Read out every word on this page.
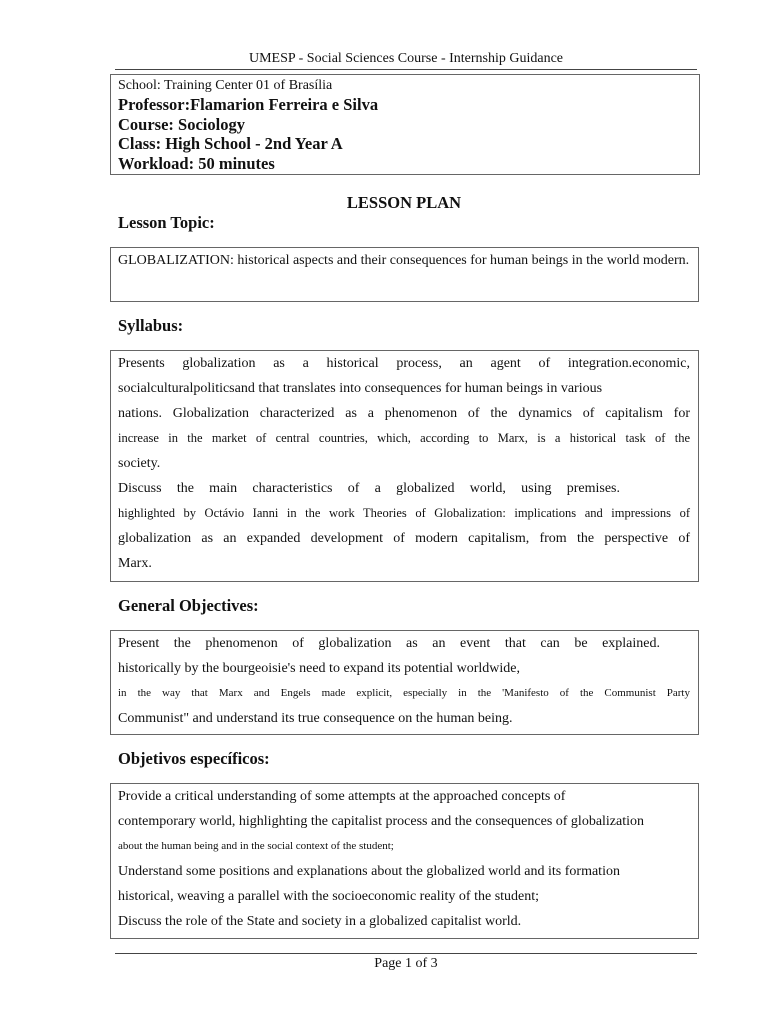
UMESP - Social Sciences Course - Internship Guidance
School: Training Center 01 of Brasília
Professor:Flamarion Ferreira e Silva
Course: Sociology
Class: High School - 2nd Year A
Workload: 50 minutes
LESSON PLAN
Lesson Topic:

GLOBALIZATION: historical aspects and their consequences for human beings in the world modern.

Syllabus:

Presents globalization as a historical process, an agent of integration.economic,

socialculturalpoliticsand that translates into consequences for human beings in various

nations. Globalization characterized as a phenomenon of the dynamics of capitalism for

increase in the market of central countries, which, according to Marx, is a historical task of the

society.

Discuss the main characteristics of a globalized world, using premises.

highlighted by Octávio Ianni in the work Theories of Globalization: implications and impressions of

globalization as an expanded development of modern capitalism, from the perspective of

Marx.

General Objectives:

Present the phenomenon of globalization as an event that can be explained.

historically by the bourgeoisie's need to expand its potential worldwide,

in the way that Marx and Engels made explicit, especially in the 'Manifesto of the Communist Party

Communist" and understand its true consequence on the human being.

Objetivos específicos:

Provide a critical understanding of some attempts at the approached concepts of

contemporary world, highlighting the capitalist process and the consequences of globalization

about the human being and in the social context of the student;

Understand some positions and explanations about the globalized world and its formation

historical, weaving a parallel with the socioeconomic reality of the student;

Discuss the role of the State and society in a globalized capitalist world.

Page 1 of 3
